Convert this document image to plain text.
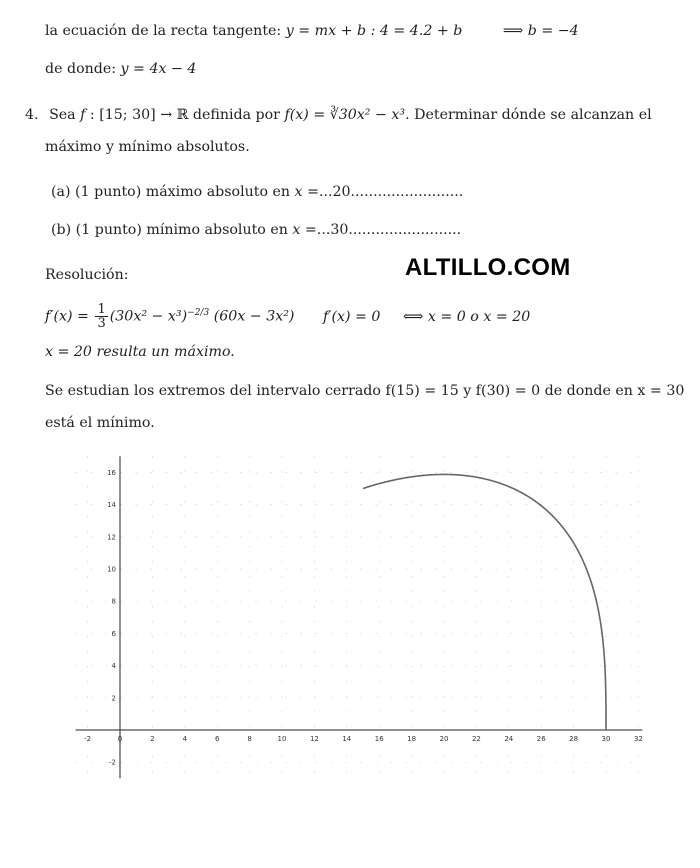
la ecuación de la recta tangente: y = mx + b : 4 = 4.2 + b	⟹ b = −4
de donde: y = 4x − 4
4. Sea f : [15; 30] → ℝ definida por f(x) = ∛30x² − x³. Determinar dónde se alcanzan el
máximo y mínimo absolutos.
(a) (1 punto) máximo absoluto en x =...20.........................
(b) (1 punto) mínimo absoluto en x =...30.........................
Resolución:	ALTILLO.COM
$f'(x) = \frac{1}{3} (30x^2 - x^3)^{-2/3}$ (60x − 3x²) f′(x) = 0 ⟺ x = 0 o x = 20
x = 20 resulta un máximo.
Se estudian los extremos del intervalo cerrado f(15) = 15 y f(30) = 0 de donde en x = 30
está el mínimo.
-2	0	2	4	6	8	10	12	14	16	18	20	22	24	26	28	30	32
-2
2
4
6
8
10
12
14
16
